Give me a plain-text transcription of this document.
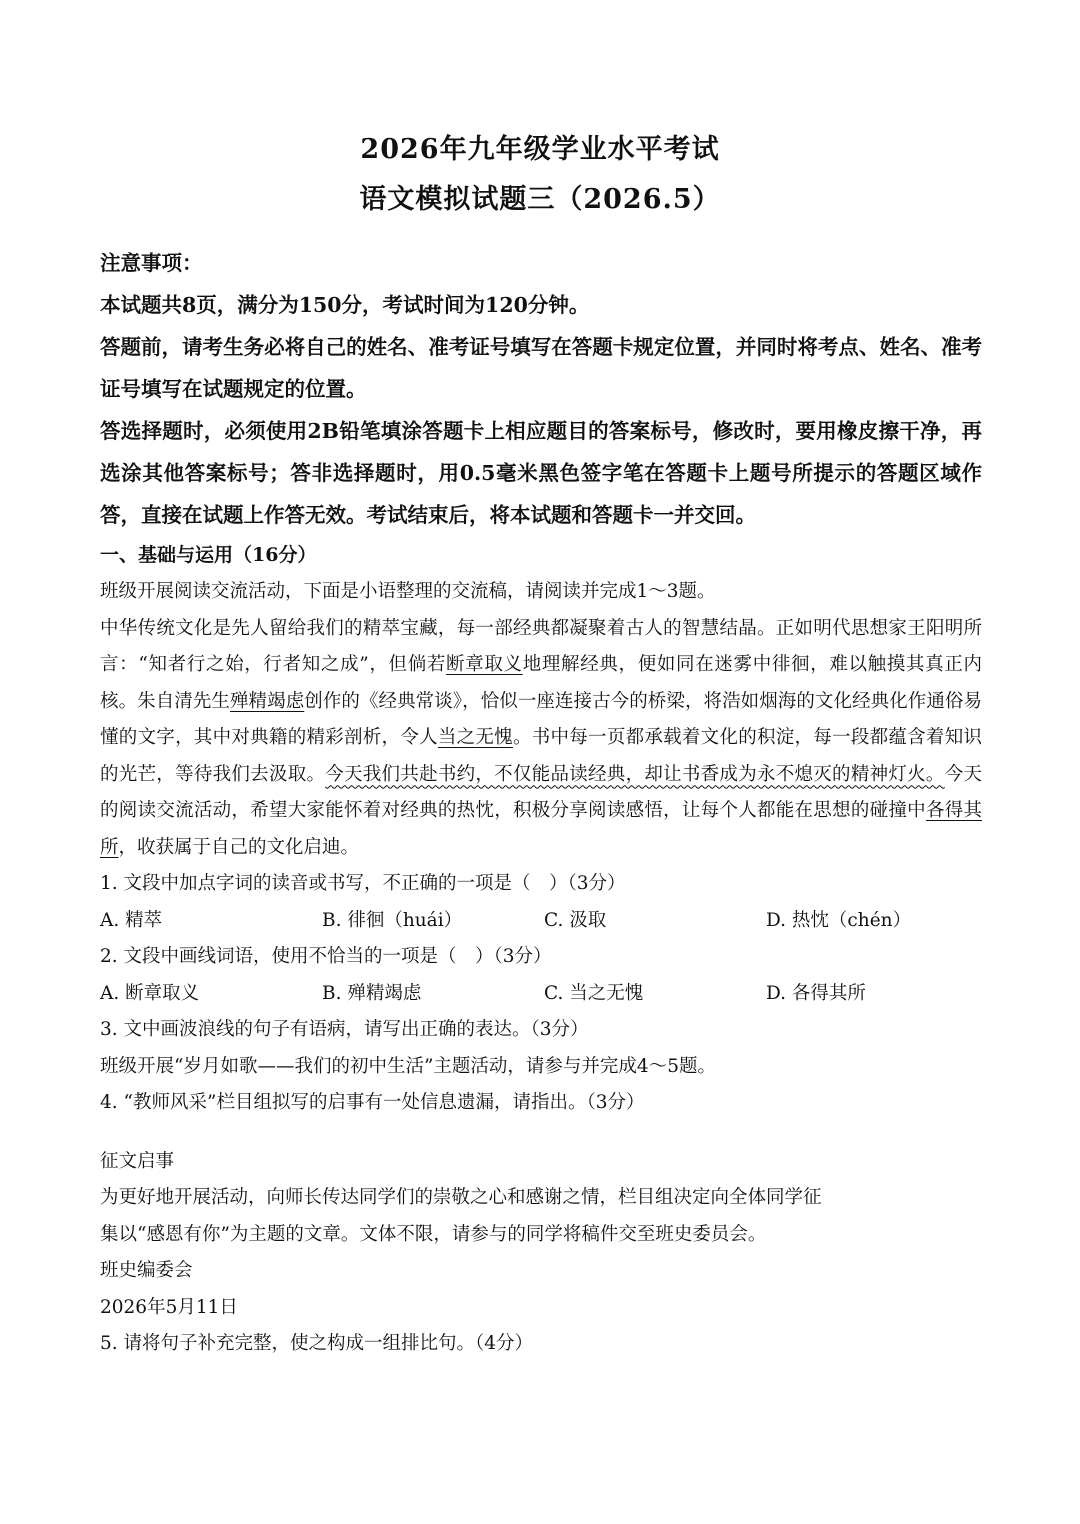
2026年九年级学业水平考试
语文模拟试题三（2026.5）

注意事项：

本试题共8页，满分为150分，考试时间为120分钟。

答题前，请考生务必将自己的姓名、准考证号填写在答题卡规定位置，并同时将考点、姓名、准考证号填写在试题规定的位置。

答选择题时，必须使用2B铅笔填涂答题卡上相应题目的答案标号，修改时，要用橡皮擦干净，再选涂其他答案标号；答非选择题时，用0.5毫米黑色签字笔在答题卡上题号所提示的答题区域作答，直接在试题上作答无效。考试结束后，将本试题和答题卡一并交回。

一、基础与运用（16分）

班级开展阅读交流活动，下面是小语整理的交流稿，请阅读并完成1～3题。

中华传统文化是先人留给我们的精萃宝藏，每一部经典都凝聚着古人的智慧结晶。正如明代思想家王阳明所言：“知者行之始，行者知之成”，但倘若断章取义地理解经典，便如同在迷雾中徘徊，难以触摸其真正内核。朱自清先生殚精竭虑创作的《经典常谈》，恰似一座连接古今的桥梁，将浩如烟海的文化经典化作通俗易懂的文字，其中对典籍的精彩剖析，令人当之无愧。书中每一页都承载着文化的积淀，每一段都蕴含着知识的光芒，等待我们去汲取。今天我们共赴书约，不仅能品读经典，却让书香成为永不熄灭的精神灯火。今天的阅读交流活动，希望大家能怀着对经典的热忱，积极分享阅读感悟，让每个人都能在思想的碰撞中各得其所，收获属于自己的文化启迪。

1. 文段中加点字词的读音或书写，不正确的一项是（　）（3分）

A. 精萃	B. 徘徊（huái）	C. 汲取	D. 热忱（chén）

2. 文段中画线词语，使用不恰当的一项是（　）（3分）

A. 断章取义	B. 殚精竭虑	C. 当之无愧	D. 各得其所

3. 文中画波浪线的句子有语病，请写出正确的表达。（3分）

班级开展“岁月如歌——我们的初中生活”主题活动，请参与并完成4～5题。

4. “教师风采”栏目组拟写的启事有一处信息遗漏，请指出。（3分）

征文启事

为更好地开展活动，向师长传达同学们的崇敬之心和感谢之情，栏目组决定向全体同学征

集以“感恩有你”为主题的文章。文体不限，请参与的同学将稿件交至班史委员会。

班史编委会

2026年5月11日

5. 请将句子补充完整，使之构成一组排比句。（4分）
